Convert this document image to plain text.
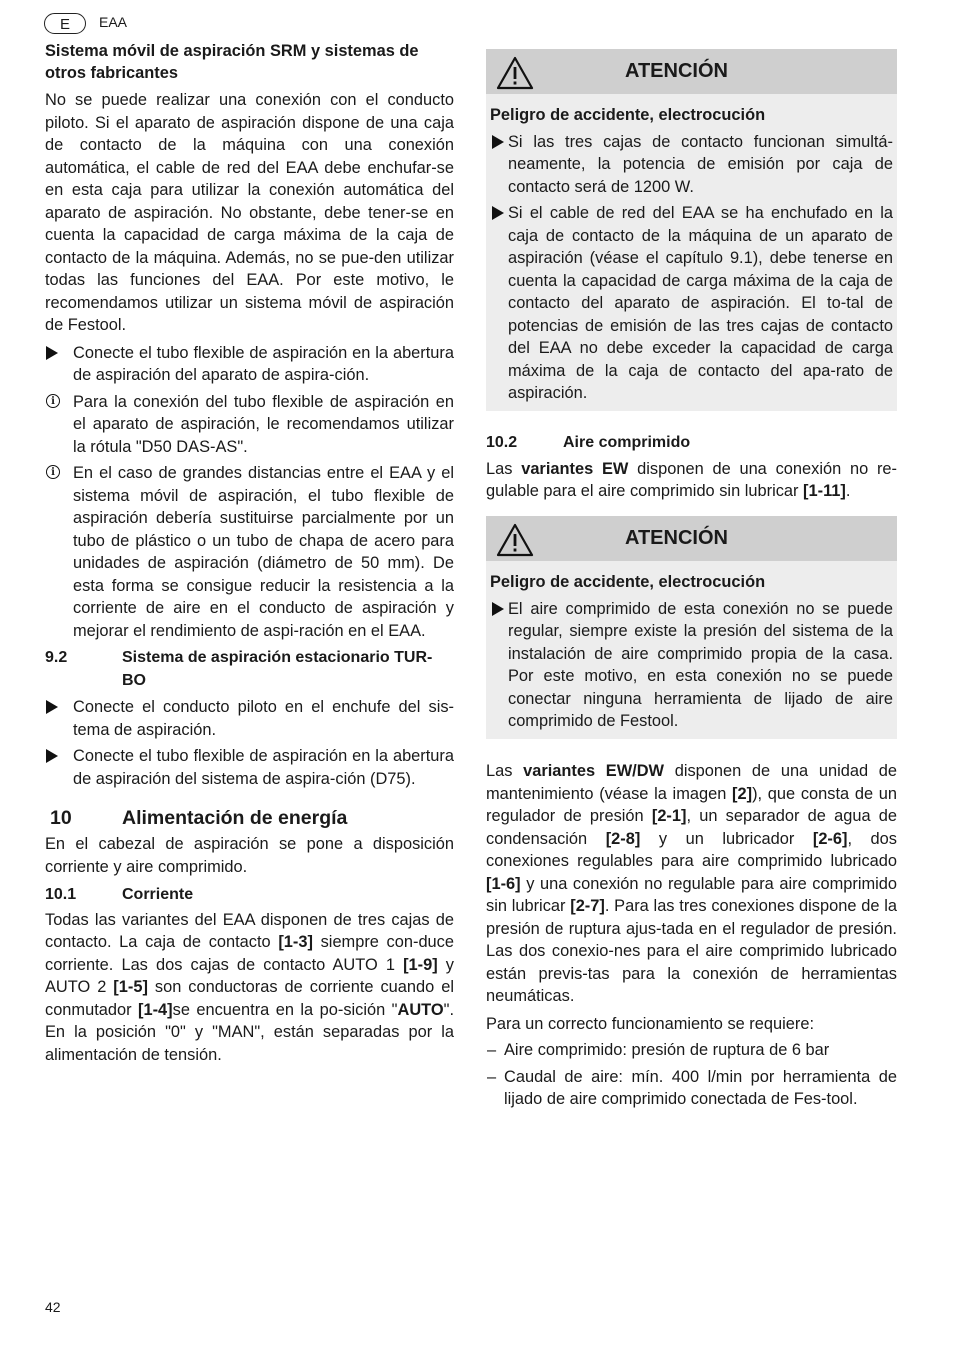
E	EAA
Sistema móvil de aspiración SRM y sistemas de otros fabricantes

No se puede realizar una conexión con el conducto piloto. Si el aparato de aspiración dispone de una caja de contacto de la máquina con una conexión automática, el cable de red del EAA debe enchufar-se en esta caja para utilizar la conexión automática del aparato de aspiración. No obstante, debe tener-se en cuenta la capacidad de carga máxima de la caja de contacto de la máquina. Además, no se pue-den utilizar todas las funciones del EAA. Por este motivo, le recomendamos utilizar un sistema móvil de aspiración de Festool.

Conecte el tubo flexible de aspiración en la abertura de aspiración del aparato de aspira-ción.

i	Para la conexión del tubo flexible de aspiración en el aparato de aspiración, le recomendamos utilizar la rótula "D50 DAS-AS".

i	En el caso de grandes distancias entre el EAA y el sistema móvil de aspiración, el tubo flexible de aspiración debería sustituirse parcialmente por un tubo de plástico o un tubo de chapa de acero para unidades de aspiración (diámetro de 50 mm). De esta forma se consigue reducir la resistencia a la corriente de aire en el conducto de aspiración y mejorar el rendimiento de aspi-ración en el EAA.

9.2	Sistema de aspiración estacionario TUR-BO

Conecte el conducto piloto en el enchufe del sis-tema de aspiración.

Conecte el tubo flexible de aspiración en la abertura de aspiración del sistema de aspira-ción (D75).

10	Alimentación de energía

En el cabezal de aspiración se pone a disposición corriente y aire comprimido.

10.1	Corriente

Todas las variantes del EAA disponen de tres cajas de contacto. La caja de contacto [1-3] siempre con-duce corriente. Las dos cajas de contacto AUTO 1 [1-9] y AUTO 2 [1-5] son conductoras de corriente cuando el conmutador [1-4]se encuentra en la po-sición "AUTO". En la posición "0" y "MAN", están separadas por la alimentación de tensión.

ATENCIÓN
Peligro de accidente, electrocución

Si las tres cajas de contacto funcionan simultá-neamente, la potencia de emisión por caja de contacto será de 1200 W.

Si el cable de red del EAA se ha enchufado en la caja de contacto de la máquina de un aparato de aspiración (véase el capítulo 9.1), debe tenerse en cuenta la capacidad de carga máxima de la caja de contacto del aparato de aspiración. El to-tal de potencias de emisión de las tres cajas de contacto del EAA no debe exceder la capacidad de carga máxima de la caja de contacto del apa-rato de aspiración.

10.2	Aire comprimido

Las variantes EW disponen de una conexión no re-gulable para el aire comprimido sin lubricar [1-11].

ATENCIÓN
Peligro de accidente, electrocución

El aire comprimido de esta conexión no se puede regular, siempre existe la presión del sistema de la instalación de aire comprimido propia de la casa. Por este motivo, en esta conexión no se puede conectar ninguna herramienta de lijado de aire comprimido de Festool.

Las variantes EW/DW disponen de una unidad de mantenimiento (véase la imagen [2]), que consta de un regulador de presión [2-1], un separador de agua de condensación [2-8] y un lubricador [2-6], dos conexiones regulables para aire comprimido lubricado [1-6] y una conexión no regulable para aire comprimido sin lubricar [2-7]. Para las tres conexiones dispone de la presión de ruptura ajus-tada en el regulador de presión. Las dos conexio-nes para el aire comprimido lubricado están previs-tas para la conexión de herramientas neumáticas.

Para un correcto funcionamiento se requiere:

– Aire comprimido: presión de ruptura de 6 bar

– Caudal de aire: mín. 400 l/min por herramienta de lijado de aire comprimido conectada de Fes-tool.

42
